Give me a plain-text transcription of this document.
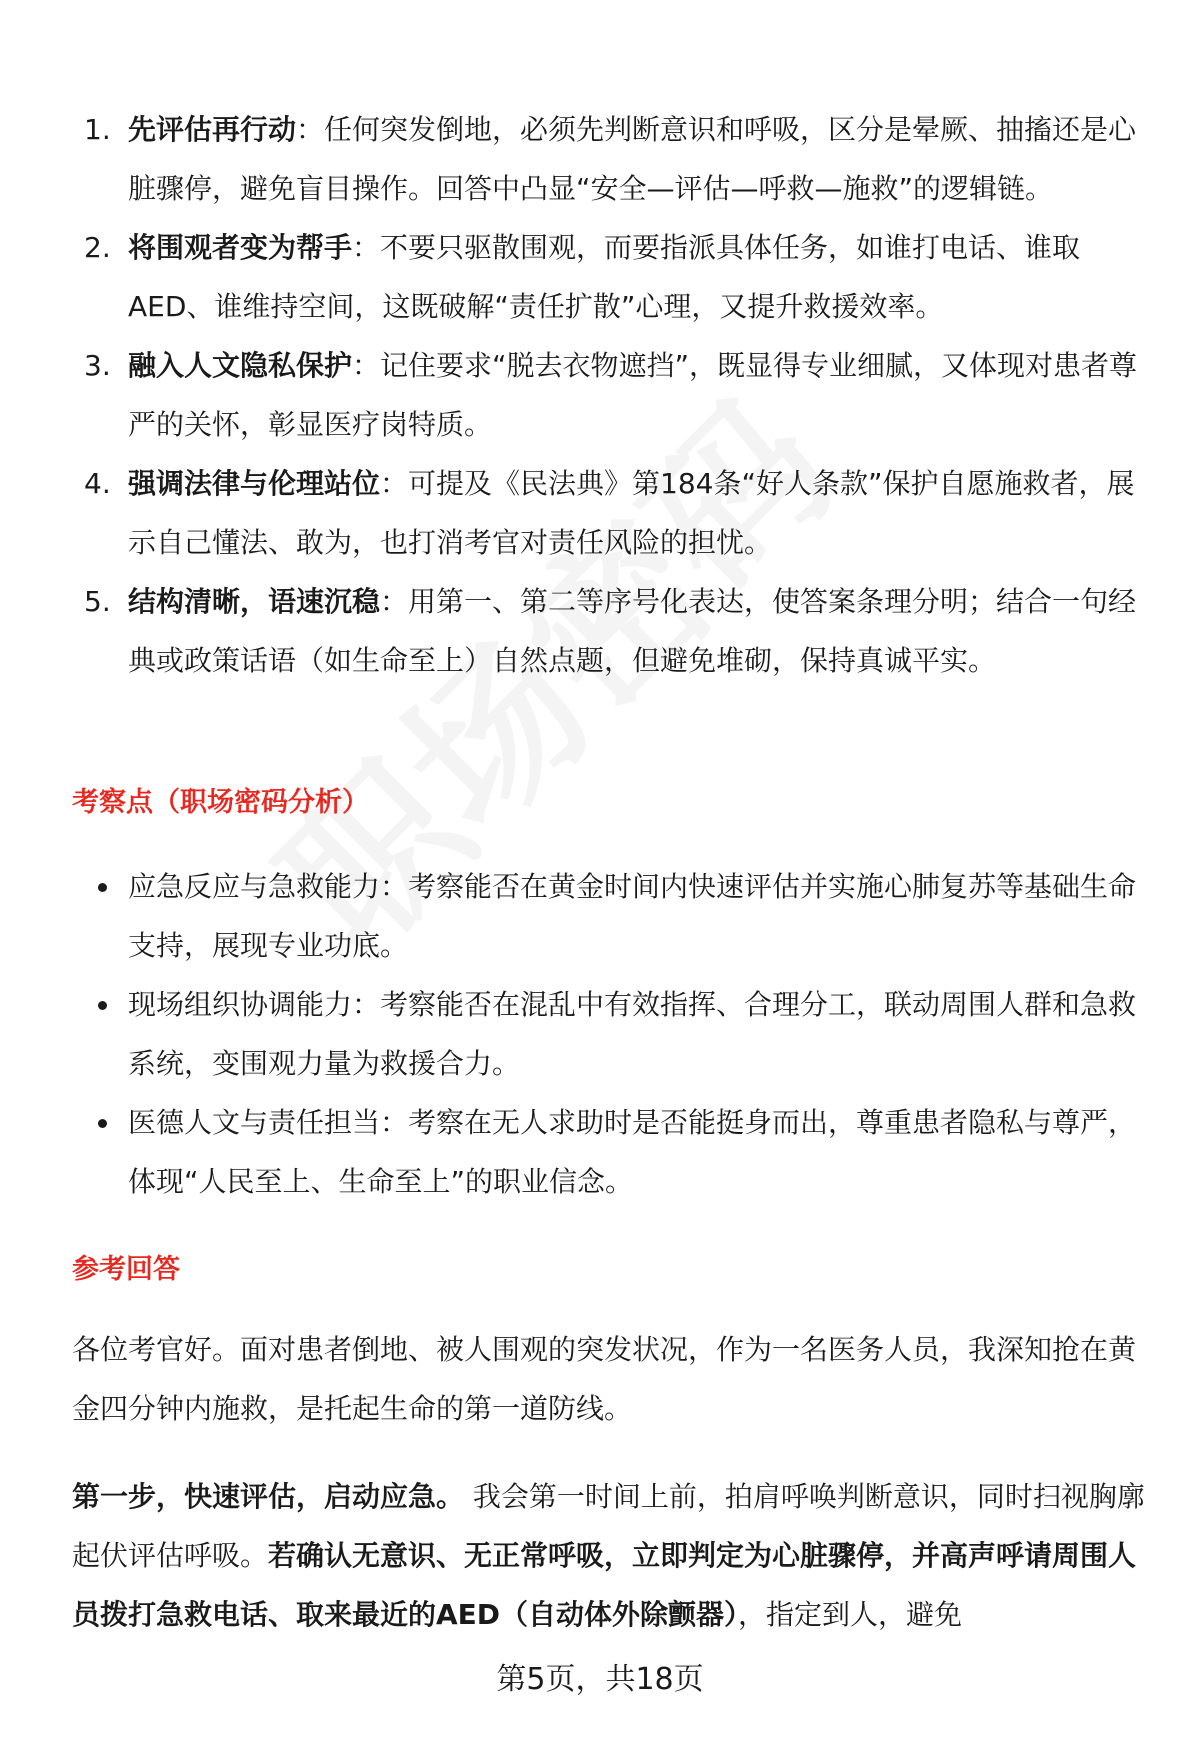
1. 先评估再行动：任何突发倒地，必须先判断意识和呼吸，区分是晕厥、抽搐还是心脏骤停，避免盲目操作。回答中凸显“安全—评估—呼救—施救”的逻辑链。
2. 将围观者变为帮手：不要只驱散围观，而要指派具体任务，如谁打电话、谁取AED、谁维持空间，这既破解“责任扩散”心理，又提升救援效率。
3. 融入人文隐私保护：记住要求“脱去衣物遮挡”，既显得专业细腻，又体现对患者尊严的关怀，彰显医疗岗特质。
4. 强调法律与伦理站位：可提及《民法典》第184条“好人条款”保护自愿施救者，展示自己懂法、敢为，也打消考官对责任风险的担忧。
5. 结构清晰，语速沉稳：用第一、第二等序号化表达，使答案条理分明；结合一句经典或政策话语（如生命至上）自然点题，但避免堆砌，保持真诚平实。
考察点（职场密码分析）
应急反应与急救能力：考察能否在黄金时间内快速评估并实施心肺复苏等基础生命支持，展现专业功底。
现场组织协调能力：考察能否在混乱中有效指挥、合理分工，联动周围人群和急救系统，变围观力量为救援合力。
医德人文与责任担当：考察在无人求助时是否能挺身而出，尊重患者隐私与尊严，体现“人民至上、生命至上”的职业信念。
参考回答

各位考官好。面对患者倒地、被人围观的突发状况，作为一名医务人员，我深知抢在黄金四分钟内施救，是托起生命的第一道防线。

第一步，快速评估，启动应急。 我会第一时间上前，拍肩呼唤判断意识，同时扫视胸廓起伏评估呼吸。若确认无意识、无正常呼吸，立即判定为心脏骤停，并高声呼请周围人员拨打急救电话、取来最近的AED（自动体外除颤器），指定到人，避免

第5页，共18页
